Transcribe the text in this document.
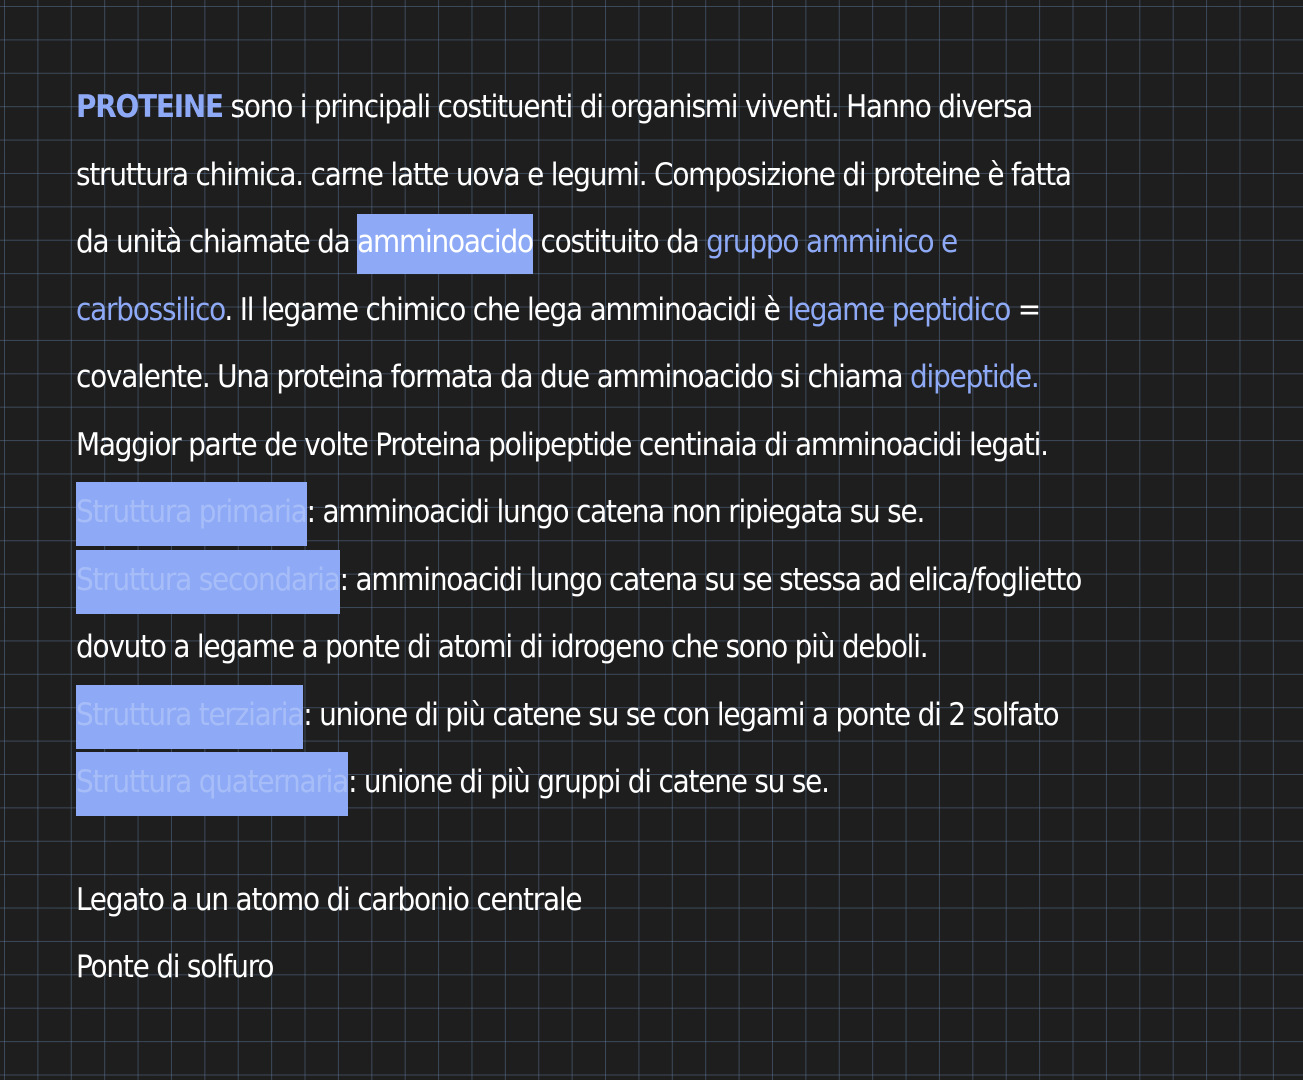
PROTEINE sono i principali costituenti di organismi viventi. Hanno diversa
struttura chimica. carne latte uova e legumi. Composizione di proteine è fatta
da unità chiamate da amminoacido costituito da gruppo amminico e
carbossilico. Il legame chimico che lega amminoacidi è legame peptidico =
covalente. Una proteina formata da due amminoacido si chiama dipeptide.
Maggior parte de volte Proteina polipeptide centinaia di amminoacidi legati.
Struttura primaria: amminoacidi lungo catena non ripiegata su se.
Struttura secondaria: amminoacidi lungo catena su se stessa ad elica/foglietto
dovuto a legame a ponte di atomi di idrogeno che sono più deboli.
Struttura terziaria: unione di più catene su se con legami a ponte di 2 solfato
Struttura quaternaria: unione di più gruppi di catene su se.
Legato a un atomo di carbonio centrale
Ponte di solfuro
